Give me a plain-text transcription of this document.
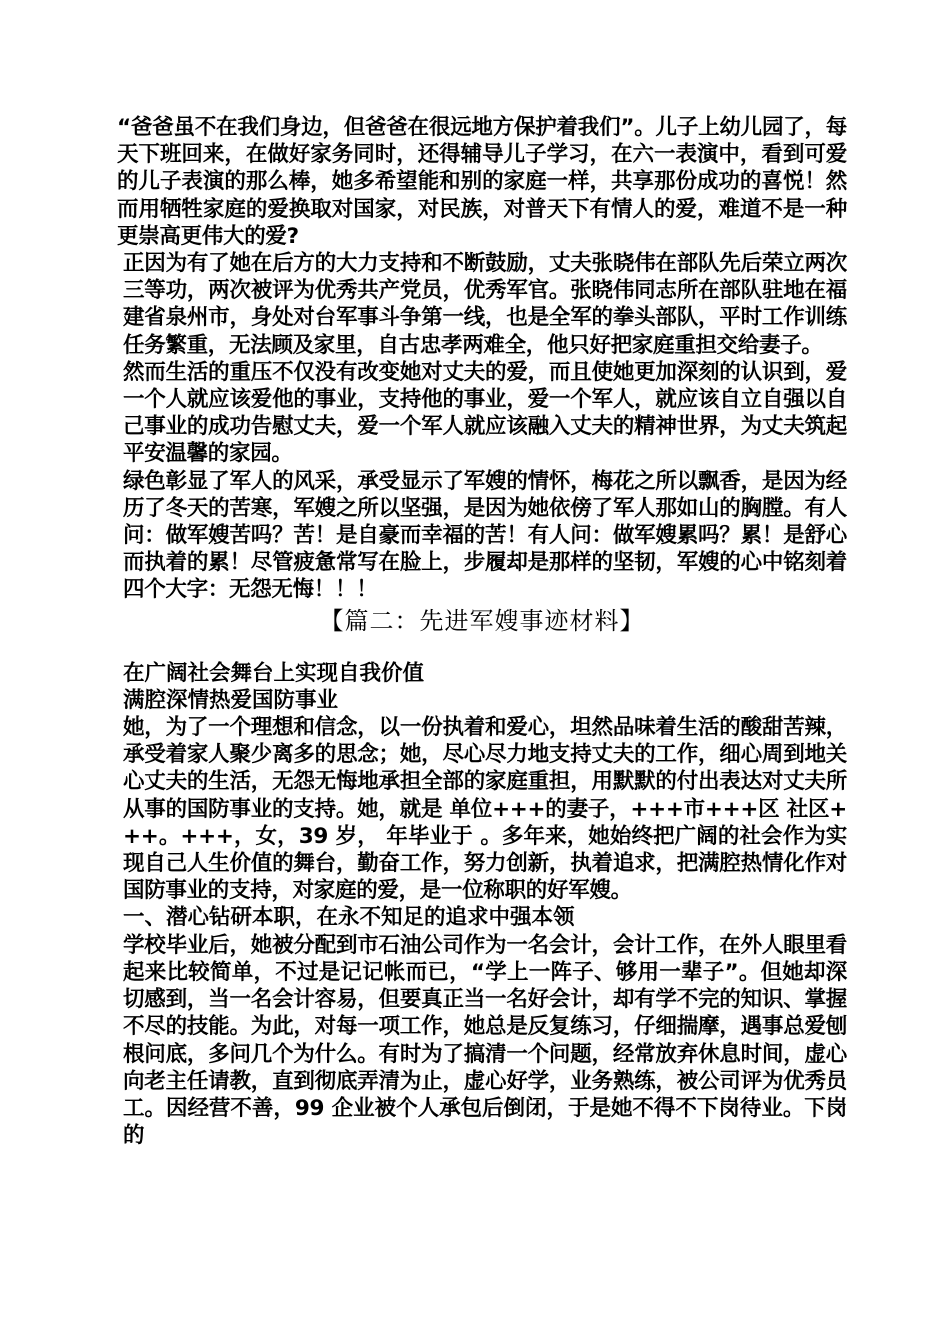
“爸爸虽不在我们身边，但爸爸在很远地方保护着我们”。儿子上幼儿园了，每天下班回来，在做好家务同时，还得辅导儿子学习，在六一表演中，看到可爱的儿子表演的那么棒，她多希望能和别的家庭一样，共享那份成功的喜悦！然而用牺牲家庭的爱换取对国家，对民族，对普天下有情人的爱，难道不是一种更崇高更伟大的爱?

正因为有了她在后方的大力支持和不断鼓励，丈夫张晓伟在部队先后荣立两次三等功，两次被评为优秀共产党员，优秀军官。张晓伟同志所在部队驻地在福建省泉州市，身处对台军事斗争第一线，也是全军的拳头部队，平时工作训练任务繁重，无法顾及家里，自古忠孝两难全，他只好把家庭重担交给妻子。

然而生活的重压不仅没有改变她对丈夫的爱，而且使她更加深刻的认识到，爱一个人就应该爱他的事业，支持他的事业，爱一个军人，就应该自立自强以自己事业的成功告慰丈夫，爱一个军人就应该融入丈夫的精神世界，为丈夫筑起平安温馨的家园。

绿色彰显了军人的风采，承受显示了军嫂的情怀，梅花之所以飘香，是因为经历了冬天的苦寒，军嫂之所以坚强，是因为她依傍了军人那如山的胸膛。有人问：做军嫂苦吗？苦！是自豪而幸福的苦！有人问：做军嫂累吗？累！是舒心而执着的累！尽管疲惫常写在脸上，步履却是那样的坚韧，军嫂的心中铭刻着四个大字：无怨无悔！！！

【篇二：先进军嫂事迹材料】

在广阔社会舞台上实现自我价值

满腔深情热爱国防事业

她，为了一个理想和信念，以一份执着和爱心，坦然品味着生活的酸甜苦辣，承受着家人聚少离多的思念；她，尽心尽力地支持丈夫的工作，细心周到地关心丈夫的生活，无怨无悔地承担全部的家庭重担，用默默的付出表达对丈夫所从事的国防事业的支持。她，就是 单位+++的妻子，+++市+++区 社区+++。+++，女，39 岁， 年毕业于 。多年来，她始终把广阔的社会作为实现自己人生价值的舞台，勤奋工作，努力创新，执着追求，把满腔热情化作对国防事业的支持，对家庭的爱，是一位称职的好军嫂。

一、潜心钻研本职，在永不知足的追求中强本领

学校毕业后，她被分配到市石油公司作为一名会计，会计工作，在外人眼里看起来比较简单，不过是记记帐而已，“学上一阵子、够用一辈子”。但她却深切感到，当一名会计容易，但要真正当一名好会计，却有学不完的知识、掌握不尽的技能。为此，对每一项工作，她总是反复练习，仔细揣摩，遇事总爱刨根问底，多问几个为什么。有时为了搞清一个问题，经常放弃休息时间，虚心向老主任请教，直到彻底弄清为止，虚心好学，业务熟练，被公司评为优秀员工。因经营不善，99 企业被个人承包后倒闭，于是她不得不下岗待业。下岗的
